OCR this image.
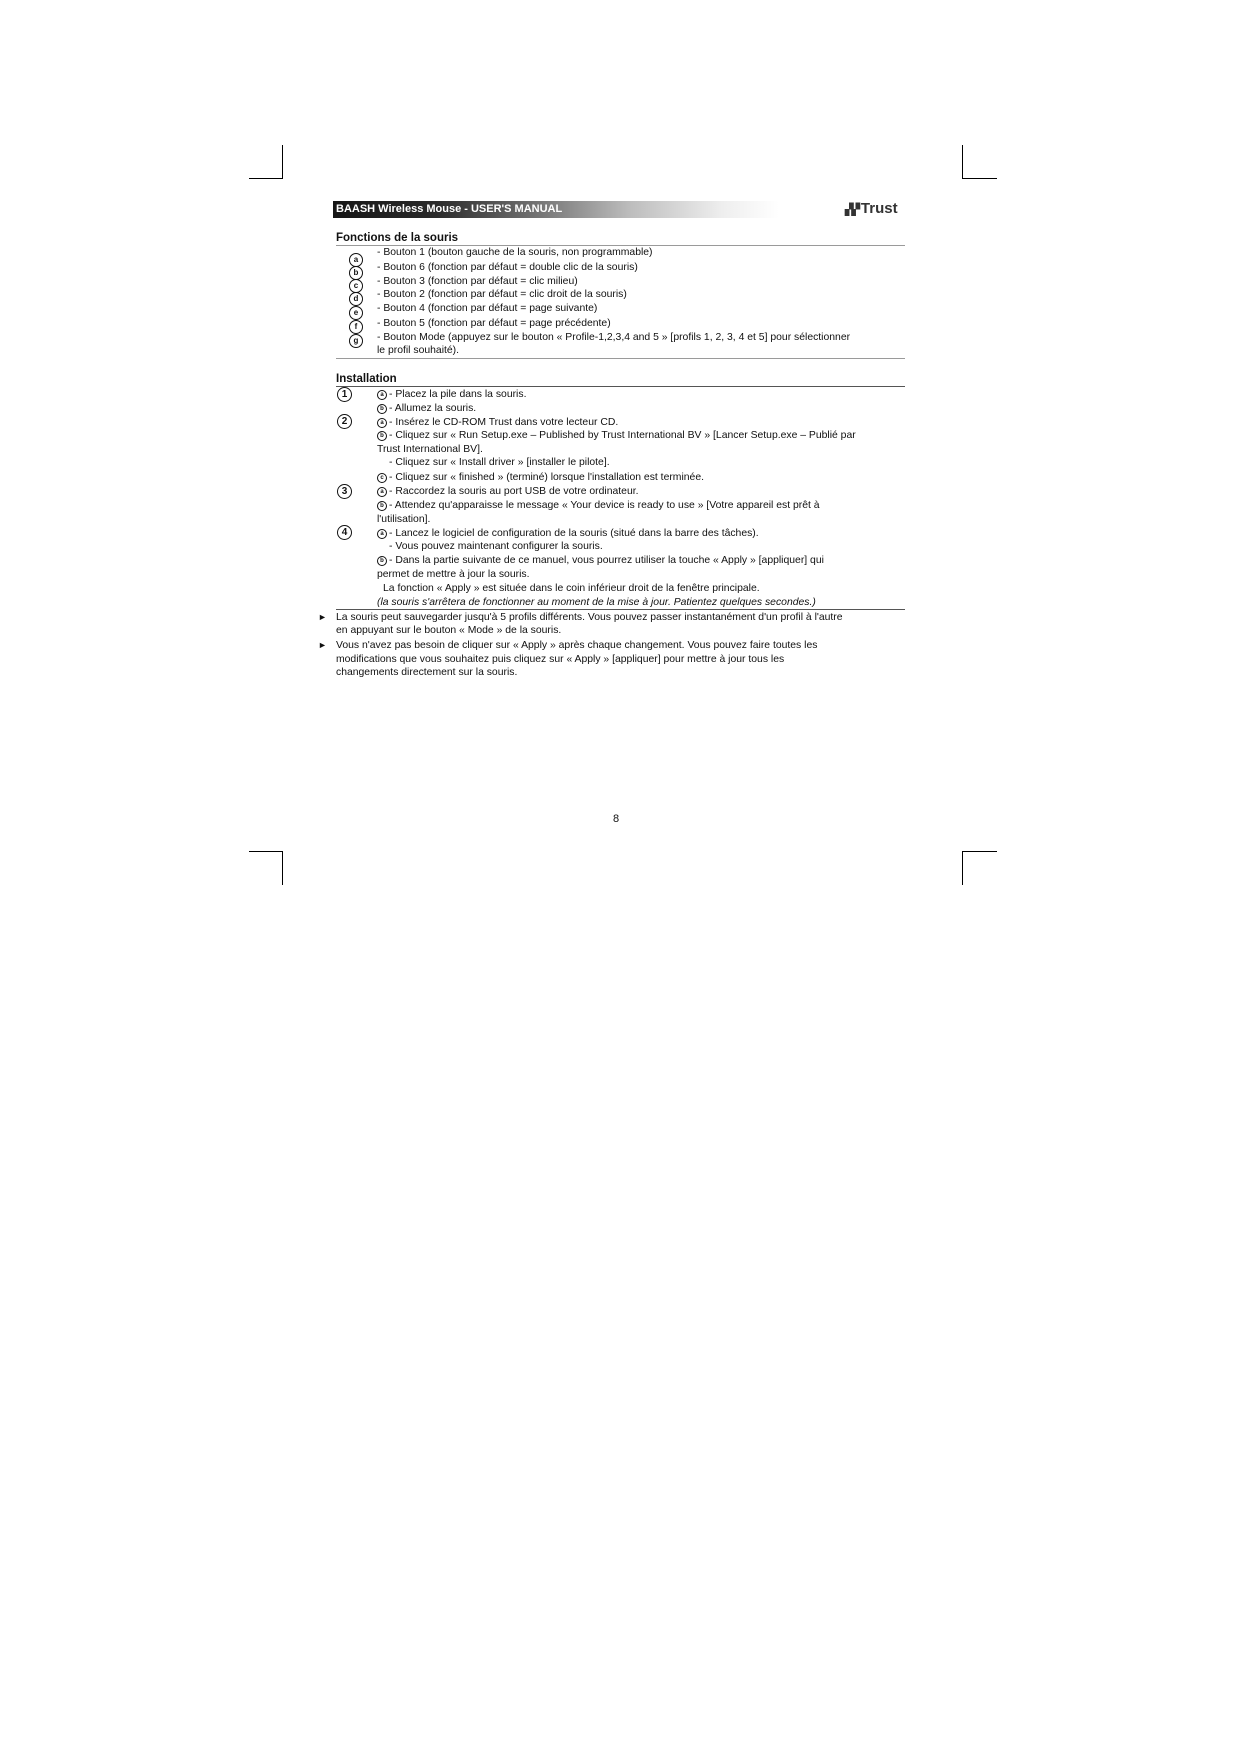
BAASH Wireless Mouse - USER'S MANUAL	▞▞ Trust
Fonctions de la souris
a
b
c
d
e
f
g
- Bouton 1 (bouton gauche de la souris, non programmable)
- Bouton 6 (fonction par défaut = double clic de la souris)
- Bouton 3 (fonction par défaut = clic milieu)
- Bouton 2 (fonction par défaut = clic droit de la souris)
- Bouton 4 (fonction par défaut = page suivante)
- Bouton 5 (fonction par défaut = page précédente)
- Bouton Mode (appuyez sur le bouton « Profile-1,2,3,4 and 5 » [profils 1, 2, 3, 4 et 5] pour sélectionner
le profil souhaité).
Installation
1
2
3
4
a - Placez la pile dans la souris.
b - Allumez la souris.
a - Insérez le CD-ROM Trust dans votre lecteur CD.
b - Cliquez sur « Run Setup.exe – Published by Trust International BV » [Lancer Setup.exe – Publié par
Trust International BV].
- Cliquez sur « Install driver » [installer le pilote].
c - Cliquez sur « finished » (terminé) lorsque l'installation est terminée.
a - Raccordez la souris au port USB de votre ordinateur.
b - Attendez qu'apparaisse le message « Your device is ready to use » [Votre appareil est prêt à
l'utilisation].
a - Lancez le logiciel de configuration de la souris (situé dans la barre des tâches).
- Vous pouvez maintenant configurer la souris.
b - Dans la partie suivante de ce manuel, vous pourrez utiliser la touche « Apply » [appliquer] qui
permet de mettre à jour la souris.
La fonction « Apply » est située dans le coin inférieur droit de la fenêtre principale.
(la souris s'arrêtera de fonctionner au moment de la mise à jour. Patientez quelques secondes.)
► La souris peut sauvegarder jusqu'à 5 profils différents. Vous pouvez passer instantanément d'un profil à l'autre
en appuyant sur le bouton « Mode » de la souris.
► Vous n'avez pas besoin de cliquer sur « Apply » après chaque changement. Vous pouvez faire toutes les
modifications que vous souhaitez puis cliquez sur « Apply » [appliquer] pour mettre à jour tous les
changements directement sur la souris.
8
